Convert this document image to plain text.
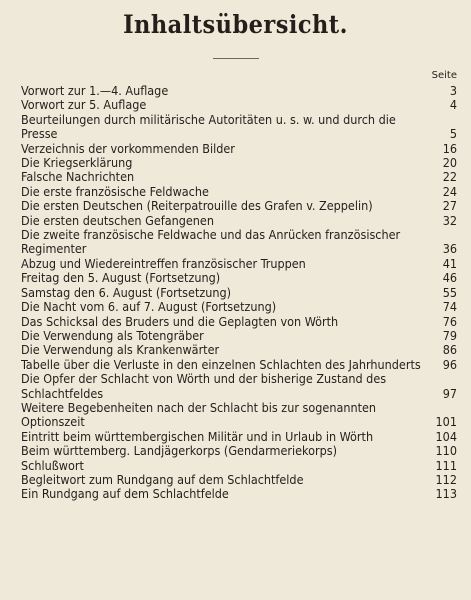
Inhaltsübersicht.
Seite
Vorwort zur 1.—4. Auflage	3
Vorwort zur 5. Auflage	4
Beurteilungen durch militärische Autoritäten u. s. w. und durch die Presse	5
Verzeichnis der vorkommenden Bilder	16
Die Kriegserklärung	20
Falsche Nachrichten	22
Die erste französische Feldwache	24
Die ersten Deutschen (Reiterpatrouille des Grafen v. Zeppelin)	27
Die ersten deutschen Gefangenen	32
Die zweite französische Feldwache und das Anrücken französischer Regimenter	36
Abzug und Wiedereintreffen französischer Truppen	41
Freitag den 5. August (Fortsetzung)	46
Samstag den 6. August (Fortsetzung)	55
Die Nacht vom 6. auf 7. August (Fortsetzung)	74
Das Schicksal des Bruders und die Geplagten von Wörth	76
Die Verwendung als Totengräber	79
Die Verwendung als Krankenwärter	86
Tabelle über die Verluste in den einzelnen Schlachten des Jahrhunderts	96
Die Opfer der Schlacht von Wörth und der bisherige Zustand des Schlachtfeldes	97
Weitere Begebenheiten nach der Schlacht bis zur sogenannten Optionszeit	101
Eintritt beim württembergischen Militär und in Urlaub in Wörth	104
Beim württemberg. Landjägerkorps (Gendarmeriekorps)	110
Schlußwort	111
Begleitwort zum Rundgang auf dem Schlachtfelde	112
Ein Rundgang auf dem Schlachtfelde	113
